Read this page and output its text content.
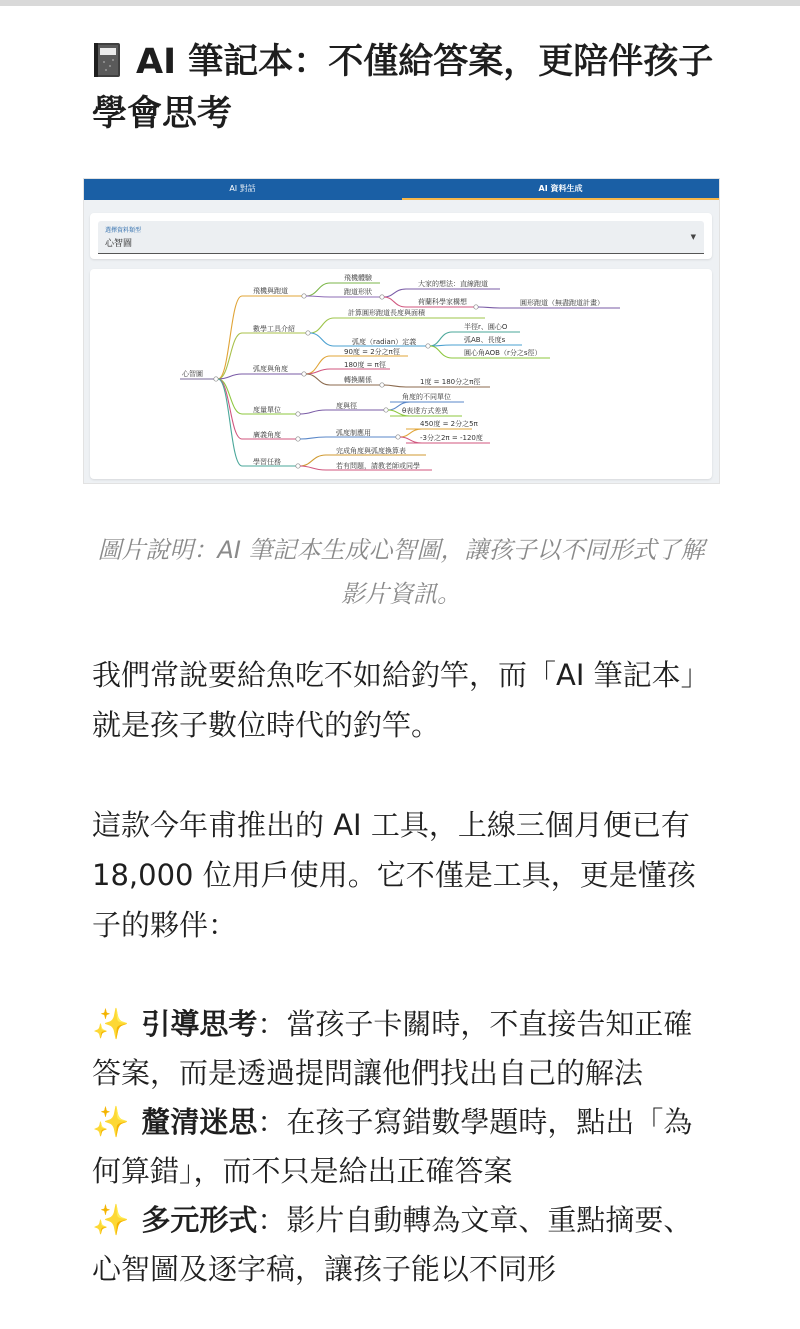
AI 筆記本：不僅給答案，更陪伴孩子學會思考
AI 對話	AI 資料生成
選擇資料類型
心智圖
▼
心智圖
飛機與跑道
數學工具介紹
弧度與角度
度量單位
廣義角度
學習任務
飛機體驗
跑道形狀
計算圓形跑道長度與面積
弧度（radian）定義
90度 = 2分之π徑
180度 = π徑
轉換關係
度與徑
弧度制應用
完成角度與弧度換算表
若有問題，請教老師或同學
大家的想法：直線跑道
荷蘭科學家構想
半徑r、圓心O
弧AB、長度s
圓心角AOB（r分之s徑）
1度 = 180分之π徑
角度的不同單位
θ表達方式差異
450度 = 2分之5π
-3分之2π = -120度
圓形跑道（無盡跑道計畫）
圖片說明：AI 筆記本生成心智圖，讓孩子以不同形式了解影片資訊。
我們常說要給魚吃不如給釣竿，而「AI 筆記本」就是孩子數位時代的釣竿。
這款今年甫推出的 AI 工具，上線三個月便已有 18,000 位用戶使用。它不僅是工具，更是懂孩子的夥伴：

✨ 引導思考：當孩子卡關時，不直接告知正確答案，而是透過提問讓他們找出自己的解法

✨ 釐清迷思：在孩子寫錯數學題時，點出「為何算錯」，而不只是給出正確答案

✨ 多元形式：影片自動轉為文章、重點摘要、心智圖及逐字稿，讓孩子能以不同形
